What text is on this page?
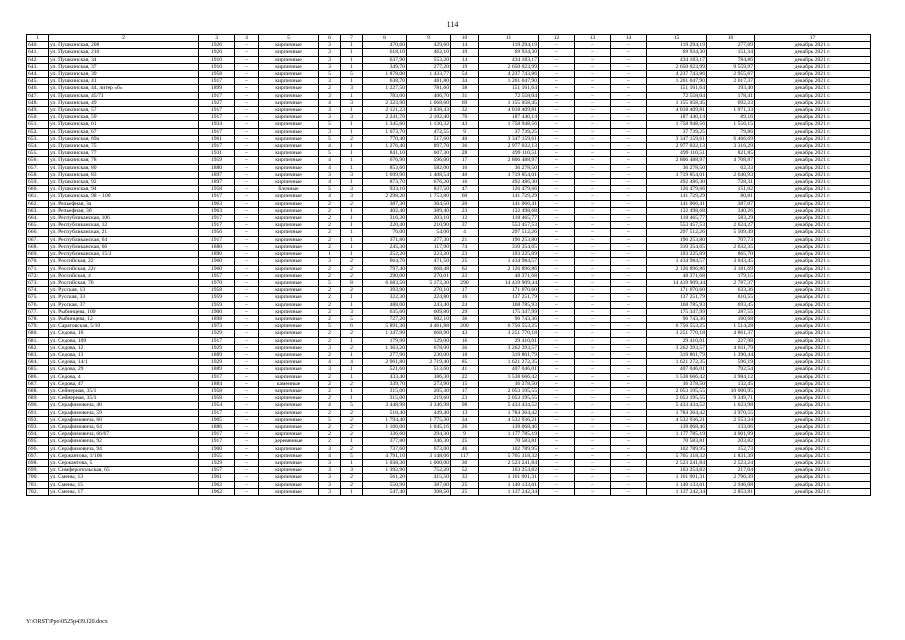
114
1	2	3	4	5	6	7	8	9	10	11	12	13	14	15	16	17
640.	ул. Пушкинская, 208	1926	–	кирпичные	3	1	470,60	429,60	14	119 294,19	–	–	–	119 294,19	277,69	декабрь 2021 г.
641.	ул. Пушкинская, 210	1926	–	кирпичные	3	1	618,10	462,10	19	69 934,30	–	–	–	69 934,30	151,34	декабрь 2021 г.
642.	ул. Пушкинская, 34	1910	–	кирпичные	3	1	637,90	553,20	14	434 183,17	–	–	–	434 183,17	784,86	декабрь 2021 г.
643.	ул. Пушкинская, 37	1910	–	кирпичные	3	1	349,70	277,20	19	2 650 023,99	–	–	–	2 650 023,99	9 559,97	декабрь 2021 г.
644.	ул. Пушкинская, 39	1958	–	кирпичные	5	5	1 878,00	1 433,77	54	4 237 743,86	–	–	–	4 237 743,86	2 955,67	декабрь 2021 г.
645.	ул. Пушкинская, 41	1917	–	кирпичные	3	1	638,70	481,80	34	1 261 047,90	–	–	–	1 261 047,90	2 617,37	декабрь 2021 г.
646.	ул. Пушкинская, 44, литер «б»	1899	–	кирпичные	2	3	1 227,50	781,60	38	151 161,64	–	–	–	151 161,64	193,40	декабрь 2021 г.
647.	ул. Пушкинская, 45/71	1917	–	кирпичные	3	1	783,00	406,70	31	72 558,04	–	–	–	72 558,04	178,41	декабрь 2021 г.
648.	ул. Пушкинская, 49	1927	–	кирпичные	4	3	2 323,90	1 668,60	69	1 155 058,45	–	–	–	1 155 058,45	692,23	декабрь 2021 г.
649.	ул. Пушкинская, 57	1917	–	кирпичные	3	1	2 121,23	2 038,43	32	4 018 409,81	–	–	–	4 018 409,81	1 971,33	декабрь 2021 г.
650.	ул. Пушкинская, 59	1917	–	кирпичные	3	3	2 241,70	2 102,40	70	187 440,14	–	–	–	187 440,14	89,16	декабрь 2021 г.
651.	ул. Пушкинская, 61	1934	–	кирпичные	5	1	1 345,60	1 130,32	43	1 758 948,56	–	–	–	1 758 948,56	1 556,15	декабрь 2021 г.
652.	ул. Пушкинская, 67	1917	–	кирпичные	3	1	1 073,70	472,55	9	37 739,25	–	–	–	37 739,25	79,86	декабрь 2021 г.
653.	ул. Пушкинская, 69а	1961	–	кирпичные	5	2	770,40	517,60	40	3 347 159,61	–	–	–	3 347 159,61	6 466,69	декабрь 2021 г.
654.	ул. Пушкинская, 75	1917	–	кирпичные	4	1	1 276,40	897,70	36	2 977 032,13	–	–	–	2 977 032,13	3 316,29	декабрь 2021 г.
655.	ул. Пушкинская, 77	1931	–	кирпичные	5	1	841,10	607,30	28	499 110,51	–	–	–	499 110,51	821,85	декабрь 2021 г.
656.	ул. Пушкинская, 78	1959	–	кирпичные	4	1	676,90	596,00	17	2 806 488,97	–	–	–	2 806 488,97	4 708,87	декабрь 2021 г.
657.	ул. Пушкинская, 80	1880	–	кирпичные	4	1	853,60	582,00	16	36 278,50	–	–	–	36 278,50	62,33	декабрь 2021 г.
658.	ул. Пушкинская, 83	1897	–	кирпичные	3	3	1 699,90	1 408,54	40	3 719 854,01	–	–	–	3 719 854,01	2 640,93	декабрь 2021 г.
659.	ул. Пушкинская, 92	1897	–	кирпичные	4	1	873,70	676,20	16	492 486,30	–	–	–	492 486,30	728,31	декабрь 2021 г.
660.	ул. Пушкинская, 94	1958	–	блочные	5	3	933,10	837,50	47	126 479,66	–	–	–	126 479,66	151,02	декабрь 2021 г.
661.	ул. Пушкинская, 98 – 100	1917	–	кирпичные	4	3	2 298,20	1 753,80	60	141 729,29	–	–	–	141 729,29	80,81	декабрь 2021 г.
662.	ул. Рельефная, 3а	1963	–	кирпичные	2	2	387,30	364,50	20	141 066,41	–	–	–	141 066,41	387,07	декабрь 2021 г.
663.	ул. Рельефная, 3б	1963	–	кирпичные	2	1	402,40	389,40	23	132 498,68	–	–	–	132 498,68	340,26	декабрь 2021 г.
664.	ул. Республиканская, 106	1917	–	кирпичные	2	1	316,30	203,10	12	118 465,77	–	–	–	118 465,77	583,29	декабрь 2021 г.
665.	ул. Республиканская, 12	1917	–	кирпичные	2	1	220,40	210,90	37	553 457,53	–	–	–	553 457,53	2 624,27	декабрь 2021 г.
666.	ул. Республиканская, 21	1956	–	кирпичные	2	1	76,00	54,00	4	297 512,26	–	–	–	297 512,26	5 509,49	декабрь 2021 г.
667.	ул. Республиканская, 64	1917	–	кирпичные	2	1	371,80	277,30	21	196 253,80	–	–	–	196 253,80	707,73	декабрь 2021 г.
668.	ул. Республиканская, 66	1880	–	кирпичные	2	1	245,30	117,90	74	310 354,65	–	–	–	310 354,65	2 632,35	декабрь 2021 г.
669.	ул. Республиканская, 15/2	1890	–	кирпичные	1	1	252,20	223,20	23	193 225,09	–	–	–	193 225,09	865,70	декабрь 2021 г.
670.	ул. Российская, 22	1960	–	кирпичные	3	2	664,70	471,50	25	1 434 984,57	–	–	–	1 434 984,57	3 043,45	декабрь 2021 г.
671.	ул. Российская, 22г	1960	–	кирпичные	2	2	797,40	668,48	62	2 126 896,86	–	–	–	2 126 896,86	3 181,69	декабрь 2021 г.
672.	ул. Российская, 4	1957	–	кирпичные	2	2	290,00	270,01	22	48 371,68	–	–	–	48 371,68	179,15	декабрь 2021 г.
673.	ул. Российская, 76	1970	–	кирпичные	5	8	6 683,50	5 173,30	290	14 419 909,44	–	–	–	14 419 909,44	2 787,37	декабрь 2021 г.
674.	ул. Русская, 13	1958	–	кирпичные	2	2	393,90	270,10	17	171 070,60	–	–	–	171 070,60	633,36	декабрь 2021 г.
675.	ул. Русская, 33	1959	–	кирпичные	2	1	322,30	224,80	16	137 251,79	–	–	–	137 251,79	610,55	декабрь 2021 г.
676.	ул. Русская, 37	1959	–	кирпичные	2	1	488,00	243,40	24	168 785,93	–	–	–	168 785,93	693,45	декабрь 2021 г.
677.	ул. Рыбинцева, 109	1900	–	кирпичные	2	3	635,60	609,80	29	175 347,99	–	–	–	175 347,99	287,55	декабрь 2021 г.
678.	ул. Рыбинцева, 12	1898	–	кирпичные	2	5	727,20	602,10	36	96 743,36	–	–	–	96 743,36	160,68	декабрь 2021 г.
679.	ул. Саратовская, 5/10	1973	–	кирпичные	5	6	5 891,30	4 461,88	200	6 756 553,25	–	–	–	6 756 553,25	1 514,28	декабрь 2021 г.
680.	ул. Седова, 10	1929	–	кирпичные	2	2	1 347,90	668,90	43	3 251 770,18	–	–	–	3 251 770,18	4 861,37	декабрь 2021 г.
681.	ул. Седова, 109	1917	–	кирпичные	2	1	179,90	129,00	16	29 410,01	–	–	–	29 410,01	227,98	декабрь 2021 г.
682.	ул. Седова, 12	1929	–	кирпичные	3	2	1 363,20	678,00	36	3 262 393,57	–	–	–	3 262 393,57	4 811,79	декабрь 2021 г.
683.	ул. Седова, 13	1889	–	кирпичные	2	1	277,90	230,00	18	319 801,79	–	–	–	319 801,79	1 390,44	декабрь 2021 г.
684.	ул. Седова, 14/1	1929	–	кирпичные	4	4	2 961,80	2 719,40	85	1 621 272,35	–	–	–	1 621 272,35	596,19	декабрь 2021 г.
685.	ул. Седова, 29	1889	–	кирпичные	3	1	521,60	513,60	41	407 046,01	–	–	–	407 046,01	792,54	декабрь 2021 г.
686.	ул. Седова, 4	1917	–	кирпичные	2	1	433,40	386,30	22	1 538 666,42	–	–	–	1 538 666,42	3 984,12	декабрь 2021 г.
687.	ул. Седова, 47	1884	–	каменные	2	2	339,70	273,90	15	36 278,50	–	–	–	36 278,50	132,45	декабрь 2021 г.
688.	ул. Сейнерная, 35/1	1958	–	кирпичные	2	1	315,00	205,30	17	2 053 195,55	–	–	–	2 053 195,55	10 000,95	декабрь 2021 г.
689.	ул. Сейнерная, 35/3	1958	–	кирпичные	2	1	315,00	219,60	23	2 053 195,55	–	–	–	2 053 195,55	9 349,71	декабрь 2021 г.
690.	ул. Серафимовича, 40	1954	–	кирпичные	4	5	3 448,98	3 346,98	98	5 433 434,52	–	–	–	5 433 434,52	1 623,98	декабрь 2021 г.
691.	ул. Серафимовича, 59	1917	–	кирпичные	2	2	510,40	449,40	13	1 784 364,42	–	–	–	1 784 364,42	3 970,55	декабрь 2021 г.
692.	ул. Серафимовича, 60	1905	–	кирпичные	5	2	1 794,40	1 775,30	34	4 532 936,21	–	–	–	4 532 936,21	2 553,34	декабрь 2021 г.
693.	ул. Серафимовича, 64	1886	–	кирпичные	2	2	1 106,00	1 045,16	26	139 068,46	–	–	–	139 068,46	133,06	декабрь 2021 г.
694.	ул. Серафимовича, 66/67	1917	–	кирпичные	2	2	336,60	294,30	9	1 177 785,19	–	–	–	1 177 785,19	4 001,99	декабрь 2021 г.
695.	ул. Серафимовича, 92	1917	–	деревянные	2	1	377,80	346,30	25	70 583,81	–	–	–	70 583,81	203,82	декабрь 2021 г.
696.	ул. Серафимовича, 94	1900	–	кирпичные	3	2	737,60	673,00	46	102 789,95	–	–	–	102 789,95	152,73	декабрь 2021 г.
697.	ул. Сержантова, 1/106	1955	–	кирпичные	4	5	4 791,10	3 148,06	117	5 765 318,32	–	–	–	5 765 318,32	1 831,39	декабрь 2021 г.
698.	ул. Сержантова, 5	1929	–	кирпичные	3	1	1 038,30	1 000,00	30	2 523 241,84	–	–	–	2 523 241,84	2 523,24	декабрь 2021 г.
699.	ул. Симферопольская, 65	1957	–	кирпичные	3	3	1 392,90	752,20	52	163 254,82	–	–	–	163 254,82	217,04	декабрь 2021 г.
700.	ул. Смены, 13	1961	–	кирпичные	3	2	561,20	415,50	33	1 161 901,31	–	–	–	1 161 901,31	2 796,39	декабрь 2021 г.
701.	ул. Смены, 15	1962	–	кирпичные	3	2	550,90	387,00	25	1 140 133,01	–	–	–	1 140 133,01	2 946,08	декабрь 2021 г.
702.	ул. Смены, 17	1962	–	кирпичные	3	1	547,40	398,50	25	1 137 242,34	–	–	–	1 137 242,34	2 853,81	декабрь 2021 г.
Y:\ORST\Ppo\0525p439.f20.docx
